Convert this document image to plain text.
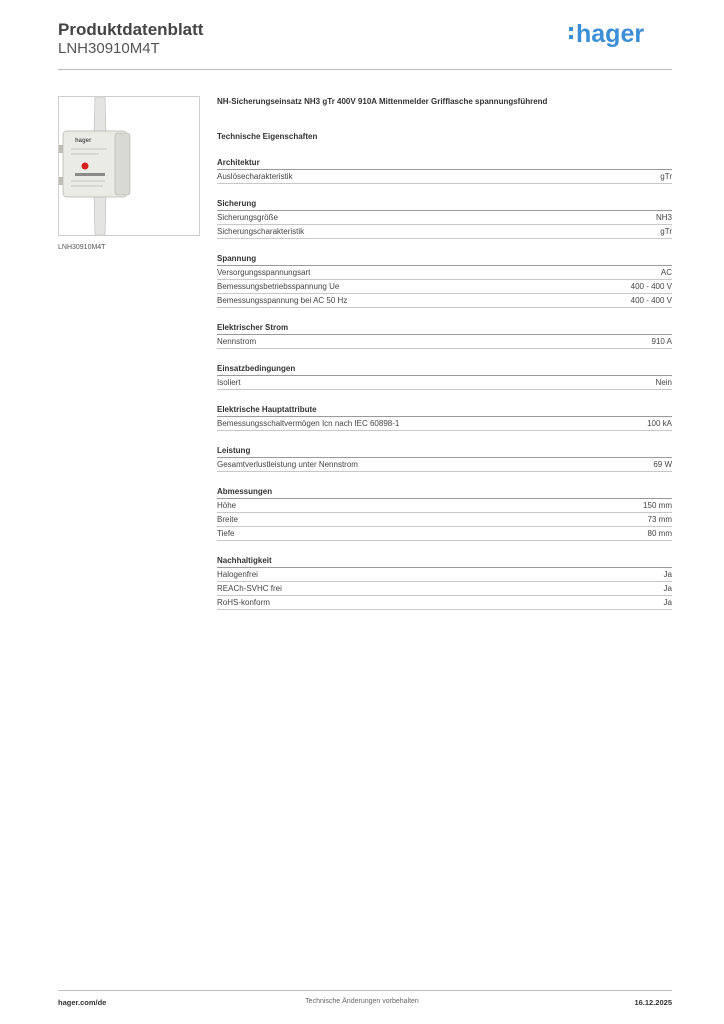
Produktdatenblatt
LNH30910M4T
hager
hager
LNH30910M4T

NH-Sicherungseinsatz NH3 gTr 400V 910A Mittenmelder Grifflasche spannungsführend

Technische Eigenschaften
Architektur
Auslösecharakteristik	gTr
Sicherung
Sicherungsgröße	NH3
Sicherungscharakteristik	gTr
Spannung
Versorgungsspannungsart	AC
Bemessungsbetriebsspannung Ue	400 - 400 V
Bemessungsspannung bei AC 50 Hz	400 - 400 V
Elektrischer Strom
Nennstrom	910 A
Einsatzbedingungen
Isoliert	Nein
Elektrische Hauptattribute
Bemessungsschaltvermögen Icn nach IEC 60898-1	100 kA
Leistung
Gesamtverlustleistung unter Nennstrom	69 W
Abmessungen
Höhe	150 mm
Breite	73 mm
Tiefe	80 mm
Nachhaltigkeit
Halogenfrei	Ja
REACh-SVHC frei	Ja
RoHS-konform	Ja
hager.com/de	Technische Änderungen vorbehalten	16.12.2025
